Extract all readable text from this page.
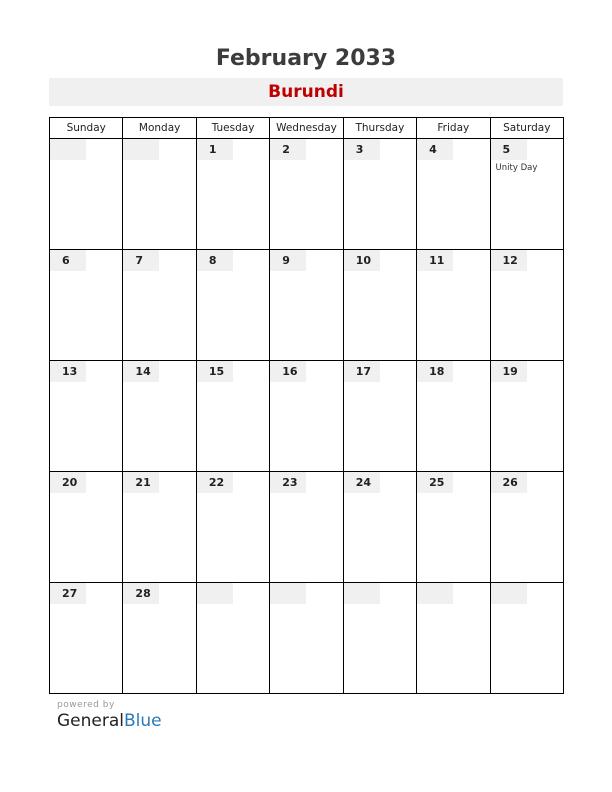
February 2033
Burundi
Sunday	Monday	Tuesday	Wednesday	Thursday	Friday	Saturday

		1	2	3	4	5
Unity Day

6	7	8	9	10	11	12

13	14	15	16	17	18	19

20	21	22	23	24	25	26

27	28					

powered by
GeneralBlue
